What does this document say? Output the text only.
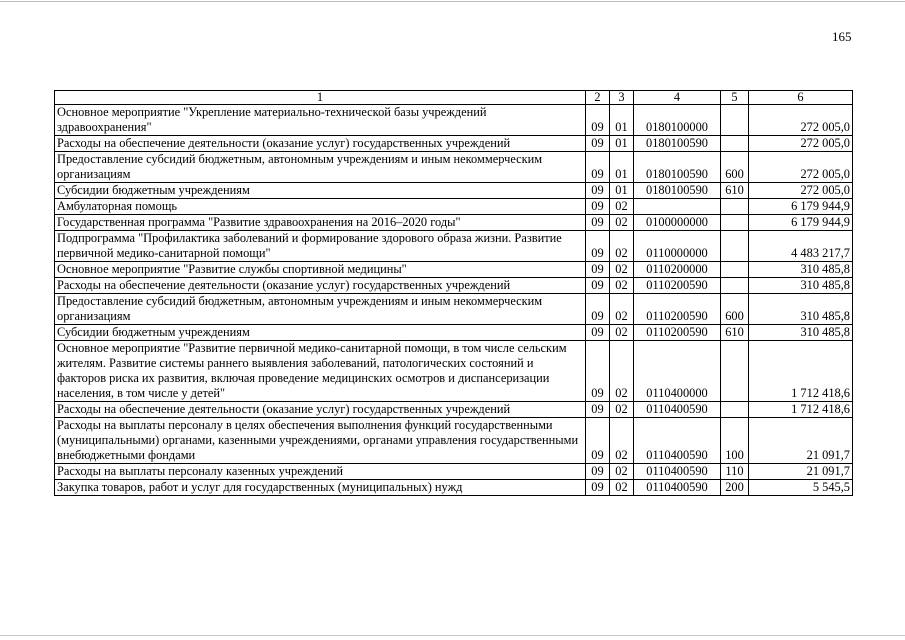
165
1	2	3	4	5	6
Основное мероприятие "Укрепление материально-технической базы учреждений здравоохранения"	09	01	0180100000		272 005,0
Расходы на обеспечение деятельности (оказание услуг) государственных учреждений	09	01	0180100590		272 005,0
Предоставление субсидий бюджетным, автономным учреждениям и иным некоммерческим организациям	09	01	0180100590	600	272 005,0
Субсидии бюджетным учреждениям	09	01	0180100590	610	272 005,0
Амбулаторная помощь	09	02			6 179 944,9
Государственная программа "Развитие здравоохранения на 2016–2020 годы"	09	02	0100000000		6 179 944,9
Подпрограмма "Профилактика заболеваний и формирование здорового образа жизни. Развитие первичной медико-санитарной помощи"	09	02	0110000000		4 483 217,7
Основное мероприятие "Развитие службы спортивной медицины"	09	02	0110200000		310 485,8
Расходы на обеспечение деятельности (оказание услуг) государственных учреждений	09	02	0110200590		310 485,8
Предоставление субсидий бюджетным, автономным учреждениям и иным некоммерческим организациям	09	02	0110200590	600	310 485,8
Субсидии бюджетным учреждениям	09	02	0110200590	610	310 485,8
Основное мероприятие "Развитие первичной медико-санитарной помощи, в том числе сельским жителям. Развитие системы раннего выявления заболеваний, патологических состояний и факторов риска их развития, включая проведение медицинских осмотров и диспансеризации населения, в том числе у детей"	09	02	0110400000		1 712 418,6
Расходы на обеспечение деятельности (оказание услуг) государственных учреждений	09	02	0110400590		1 712 418,6
Расходы на выплаты персоналу в целях обеспечения выполнения функций государственными (муниципальными) органами, казенными учреждениями, органами управления государственными внебюджетными фондами	09	02	0110400590	100	21 091,7
Расходы на выплаты персоналу казенных учреждений	09	02	0110400590	110	21 091,7
Закупка товаров, работ и услуг для государственных (муниципальных) нужд	09	02	0110400590	200	5 545,5
